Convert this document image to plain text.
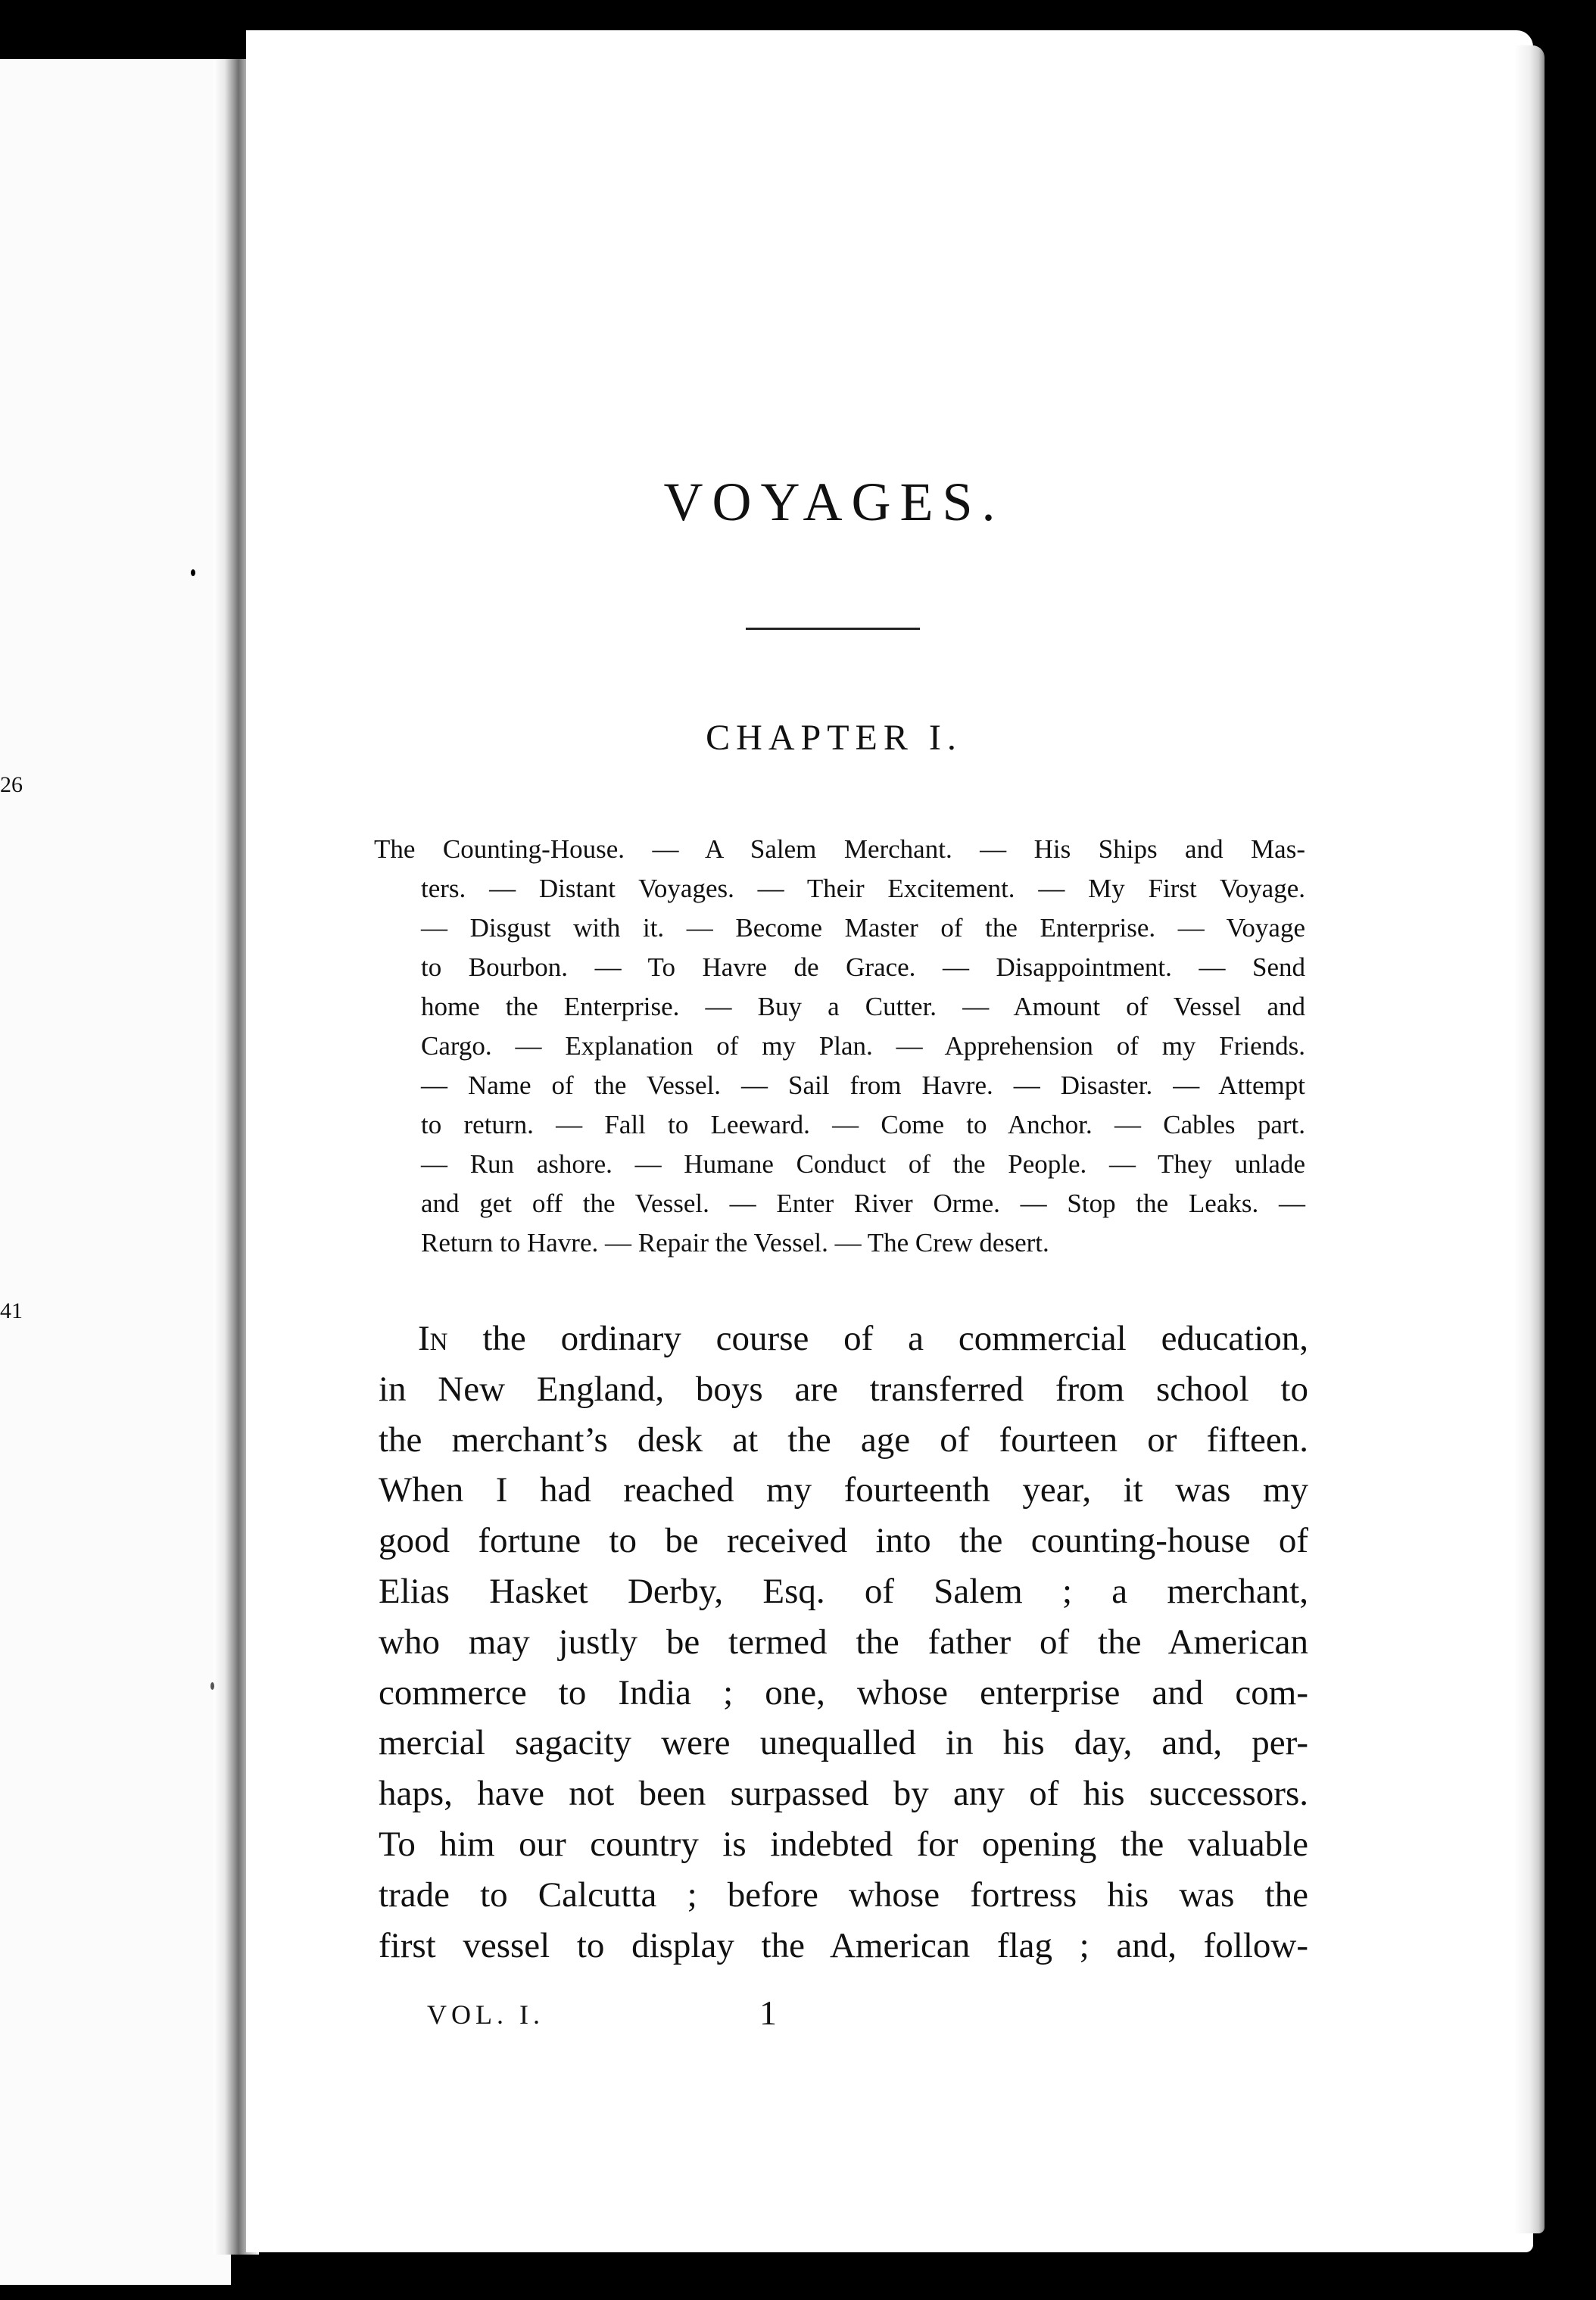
26
41
VOYAGES.
CHAPTER I.
The Counting-House. — A Salem Merchant. — His Ships and Mas-
ters. — Distant Voyages. — Their Excitement. — My First Voyage.
— Disgust with it. — Become Master of the Enterprise. — Voyage
to Bourbon. — To Havre de Grace. — Disappointment. — Send
home the Enterprise. — Buy a Cutter. — Amount of Vessel and
Cargo. — Explanation of my Plan. — Apprehension of my Friends.
— Name of the Vessel. — Sail from Havre. — Disaster. — Attempt
to return. — Fall to Leeward. — Come to Anchor. — Cables part.
— Run ashore. — Humane Conduct of the People. — They unlade
and get off the Vessel. — Enter River Orme. — Stop the Leaks. —
Return to Havre. — Repair the Vessel. — The Crew desert.
In the ordinary course of a commercial education,
in New England, boys are transferred from school to
the merchant’s desk at the age of fourteen or fifteen.
When I had reached my fourteenth year, it was my
good fortune to be received into the counting-house of
Elias Hasket Derby, Esq. of Salem ; a merchant,
who may justly be termed the father of the American
commerce to India ; one, whose enterprise and com-
mercial sagacity were unequalled in his day, and, per-
haps, have not been surpassed by any of his successors.
To him our country is indebted for opening the valuable
trade to Calcutta ; before whose fortress his was the
first vessel to display the American flag ; and, follow-
VOL. I.	1
